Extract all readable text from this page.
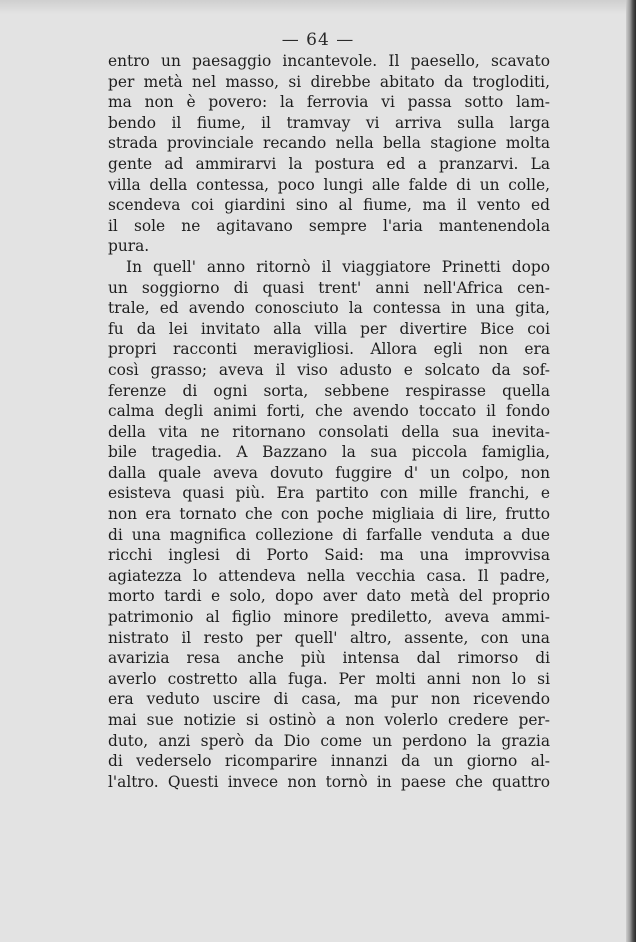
— 64 —
entro un paesaggio incantevole. Il paesello, scavato
per metà nel masso, si direbbe abitato da trogloditi,
ma non è povero: la ferrovia vi passa sotto lam-
bendo il fiume, il tramvay vi arriva sulla larga
strada provinciale recando nella bella stagione molta
gente ad ammirarvi la postura ed a pranzarvi. La
villa della contessa, poco lungi alle falde di un colle,
scendeva coi giardini sino al fiume, ma il vento ed
il sole ne agitavano sempre l'aria mantenendola
pura.
In quell' anno ritornò il viaggiatore Prinetti dopo
un soggiorno di quasi trent' anni nell'Africa cen-
trale, ed avendo conosciuto la contessa in una gita,
fu da lei invitato alla villa per divertire Bice coi
propri racconti meravigliosi. Allora egli non era
così grasso; aveva il viso adusto e solcato da sof-
ferenze di ogni sorta, sebbene respirasse quella
calma degli animi forti, che avendo toccato il fondo
della vita ne ritornano consolati della sua inevita-
bile tragedia. A Bazzano la sua piccola famiglia,
dalla quale aveva dovuto fuggire d' un colpo, non
esisteva quasi più. Era partito con mille franchi, e
non era tornato che con poche migliaia di lire, frutto
di una magnifica collezione di farfalle venduta a due
ricchi inglesi di Porto Said: ma una improvvisa
agiatezza lo attendeva nella vecchia casa. Il padre,
morto tardi e solo, dopo aver dato metà del proprio
patrimonio al figlio minore prediletto, aveva ammi-
nistrato il resto per quell' altro, assente, con una
avarizia resa anche più intensa dal rimorso di
averlo costretto alla fuga. Per molti anni non lo si
era veduto uscire di casa, ma pur non ricevendo
mai sue notizie si ostinò a non volerlo credere per-
duto, anzi sperò da Dio come un perdono la grazia
di vederselo ricomparire innanzi da un giorno al-
l'altro. Questi invece non tornò in paese che quattro
